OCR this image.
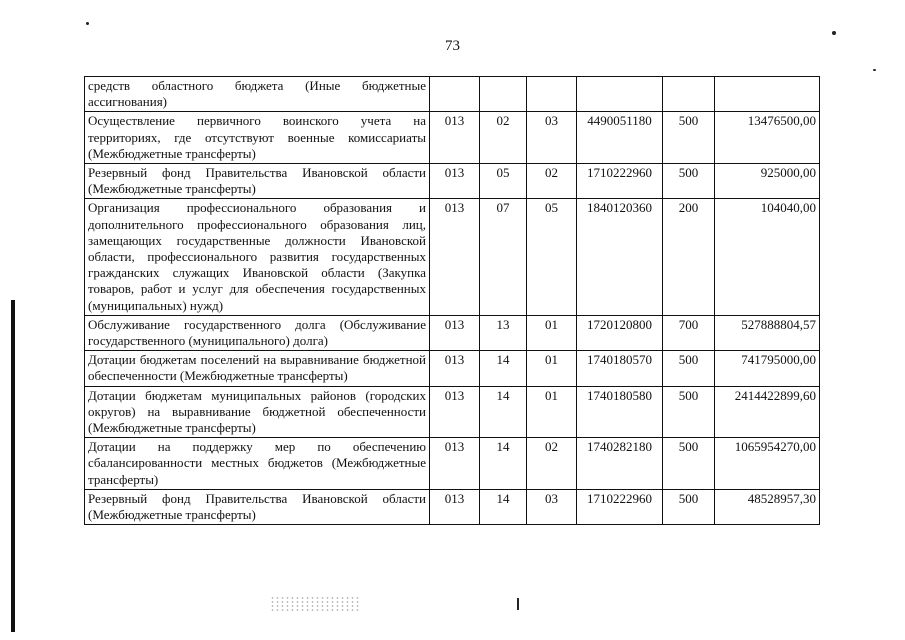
73
средств областного бюджета (Иные бюджетные ассигнования)						
Осуществление первичного воинского учета на территориях, где отсутствуют военные комиссариаты (Межбюджетные трансферты)	013	02	03	4490051180	500	13476500,00
Резервный фонд Правительства Ивановской области (Межбюджетные трансферты)	013	05	02	1710222960	500	925000,00
Организация профессионального образования и дополнительного профессионального образования лиц, замещающих государственные должности Ивановской области, профессионального развития государственных гражданских служащих Ивановской области (Закупка товаров, работ и услуг для обеспечения государственных (муниципальных) нужд)	013	07	05	1840120360	200	104040,00
Обслуживание государственного долга (Обслуживание государственного (муниципального) долга)	013	13	01	1720120800	700	527888804,57
Дотации бюджетам поселений на выравнивание бюджетной обеспеченности (Межбюджетные трансферты)	013	14	01	1740180570	500	741795000,00
Дотации бюджетам муниципальных районов (городских округов) на выравнивание бюджетной обеспеченности (Межбюджетные трансферты)	013	14	01	1740180580	500	2414422899,60
Дотации на поддержку мер по обеспечению сбалансированности местных бюджетов (Межбюджетные трансферты)	013	14	02	1740282180	500	1065954270,00
Резервный фонд Правительства Ивановской области (Межбюджетные трансферты)	013	14	03	1710222960	500	48528957,30
